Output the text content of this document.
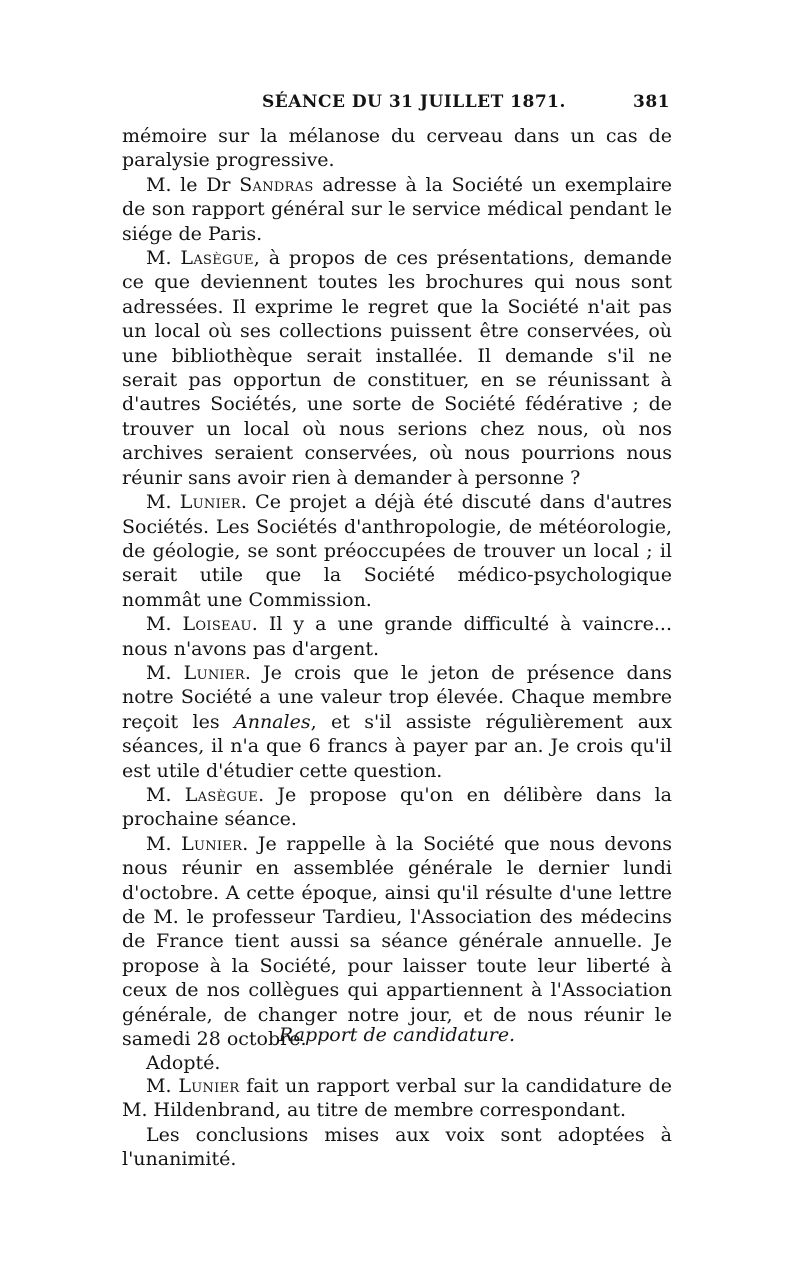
SÉANCE DU 31 JUILLET 1871.	381

mémoire sur la mélanose du cerveau dans un cas de paralysie progressive.

M. le Dr Sandras adresse à la Société un exemplaire de son rapport général sur le service médical pendant le siége de Paris.

M. Lasègue, à propos de ces présentations, demande ce que deviennent toutes les brochures qui nous sont adressées. Il exprime le regret que la Société n'ait pas un local où ses collections puissent être conservées, où une bibliothèque serait installée. Il demande s'il ne serait pas opportun de constituer, en se réunissant à d'autres Sociétés, une sorte de Société fédérative ; de trouver un local où nous serions chez nous, où nos archives seraient conservées, où nous pourrions nous réunir sans avoir rien à demander à personne ?

M. Lunier. Ce projet a déjà été discuté dans d'autres Sociétés. Les Sociétés d'anthropologie, de météorologie, de géologie, se sont préoccupées de trouver un local ; il serait utile que la Société médico-psychologique nommât une Commission.

M. Loiseau. Il y a une grande difficulté à vaincre... nous n'avons pas d'argent.

M. Lunier. Je crois que le jeton de présence dans notre Société a une valeur trop élevée. Chaque membre reçoit les Annales, et s'il assiste régulièrement aux séances, il n'a que 6 francs à payer par an. Je crois qu'il est utile d'étudier cette question.

M. Lasègue. Je propose qu'on en délibère dans la prochaine séance.

M. Lunier. Je rappelle à la Société que nous devons nous réunir en assemblée générale le dernier lundi d'octobre. A cette époque, ainsi qu'il résulte d'une lettre de M. le professeur Tardieu, l'Association des médecins de France tient aussi sa séance générale annuelle. Je propose à la Société, pour laisser toute leur liberté à ceux de nos collègues qui appartiennent à l'Association générale, de changer notre jour, et de nous réunir le samedi 28 octobre.

Adopté.

Rapport de candidature.

M. Lunier fait un rapport verbal sur la candidature de M. Hildenbrand, au titre de membre correspondant.

Les conclusions mises aux voix sont adoptées à l'unanimité.
